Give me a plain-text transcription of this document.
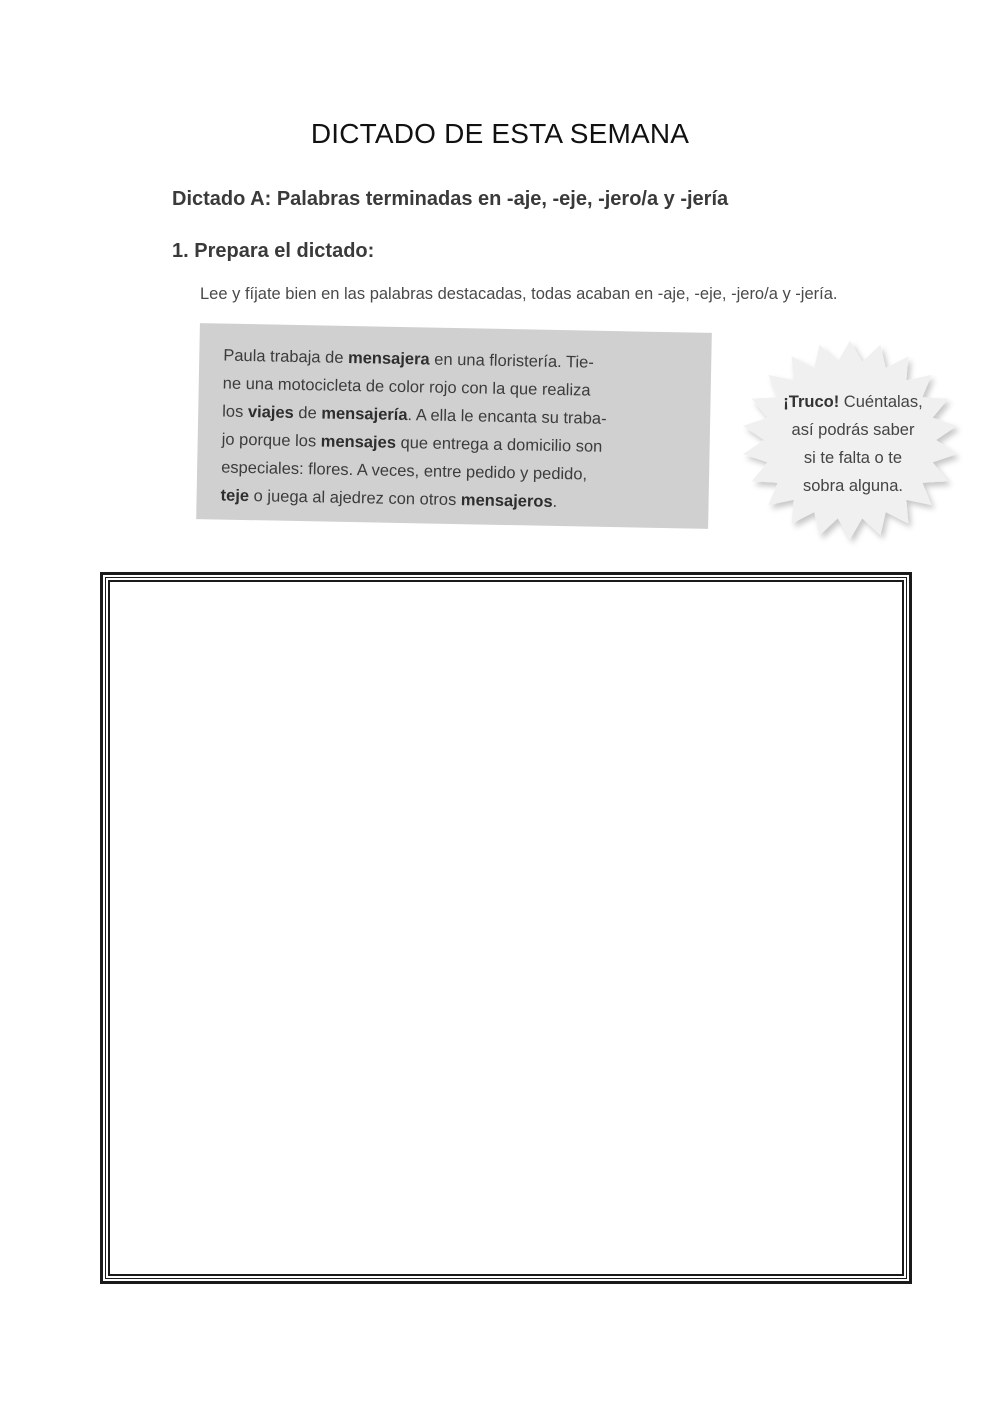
DICTADO DE ESTA SEMANA
Dictado A: Palabras terminadas en -aje, -eje, -jero/a y -jería
1. Prepara el dictado:
Lee y fíjate bien en las palabras destacadas, todas acaban en -aje, -eje, -jero/a y -jería.

Paula trabaja de mensajera en una floristería. Tie-
ne una motocicleta de color rojo con la que realiza
los viajes de mensajería. A ella le encanta su traba-
jo porque los mensajes que entrega a domicilio son
especiales: flores. A veces, entre pedido y pedido,
teje o juega al ajedrez con otros mensajeros.

¡Truco! Cuéntalas,
así podrás saber
si te falta o te
sobra alguna.
